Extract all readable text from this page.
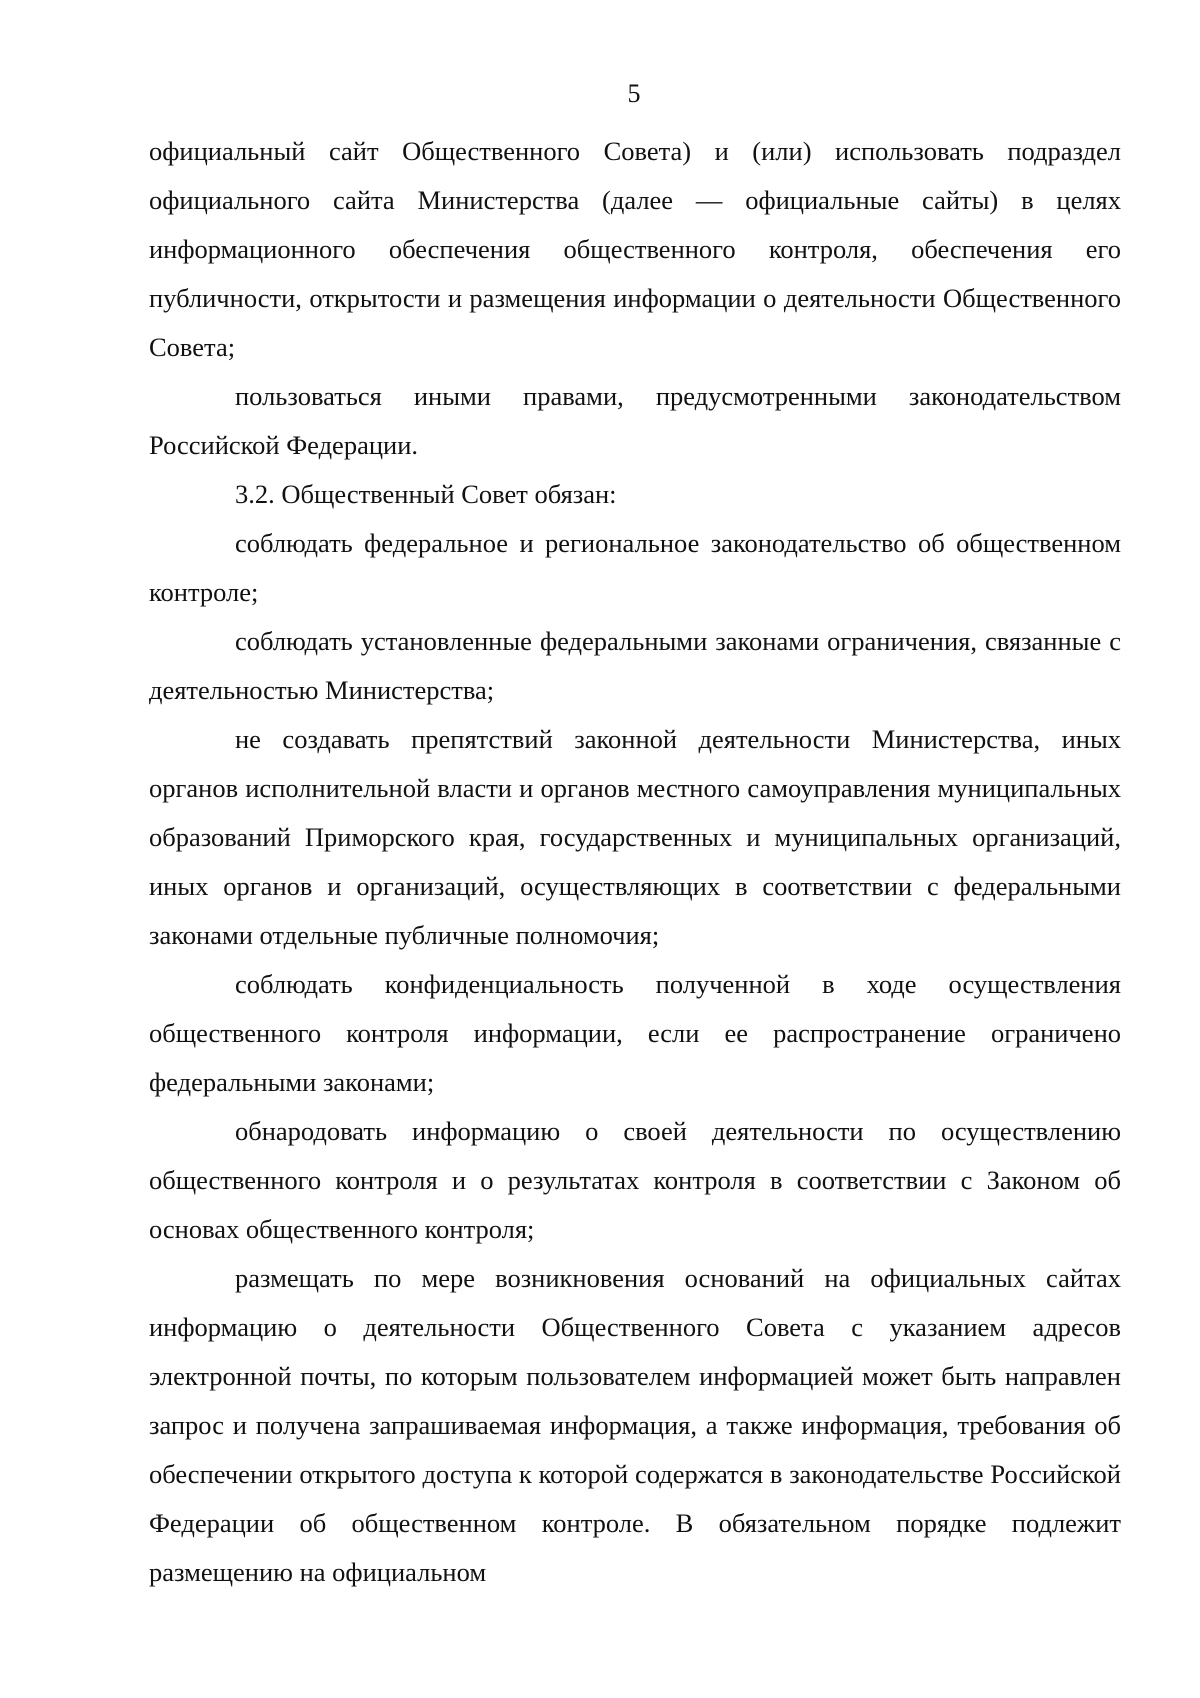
5

официальный сайт Общественного Совета) и (или) использовать подраздел официального сайта Министерства (далее — официальные сайты) в целях информационного обеспечения общественного контроля, обеспечения его публичности, открытости и размещения информации о деятельности Общественного Совета;

пользоваться иными правами, предусмотренными законодательством Российской Федерации.

3.2. Общественный Совет обязан:

соблюдать федеральное и региональное законодательство об общественном контроле;

соблюдать установленные федеральными законами ограничения, связанные с деятельностью Министерства;

не создавать препятствий законной деятельности Министерства, иных органов исполнительной власти и органов местного самоуправления муниципальных образований Приморского края, государственных и муниципальных организаций, иных органов и организаций, осуществляющих в соответствии с федеральными законами отдельные публичные полномочия;

соблюдать конфиденциальность полученной в ходе осуществления общественного контроля информации, если ее распространение ограничено федеральными законами;

обнародовать информацию о своей деятельности по осуществлению общественного контроля и о результатах контроля в соответствии с Законом об основах общественного контроля;

размещать по мере возникновения оснований на официальных сайтах информацию о деятельности Общественного Совета с указанием адресов электронной почты, по которым пользователем информацией может быть направлен запрос и получена запрашиваемая информация, а также информация, требования об обеспечении открытого доступа к которой содержатся в законодательстве Российской Федерации об общественном контроле. В обязательном порядке подлежит размещению на официальном
